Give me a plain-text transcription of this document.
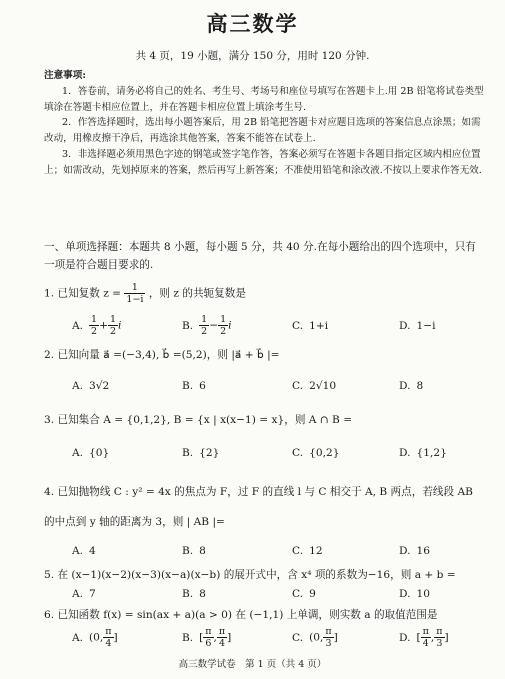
高三数学
共 4 页，19 小题，满分 150 分，用时 120 分钟.
注意事项:

1．答卷前，请务必将自己的姓名、考生号、考场号和座位号填写在答题卡上.用 2B 铅笔将试卷类型填涂在答题卡相应位置上，并在答题卡相应位置上填涂考生号.

2．作答选择题时，选出每小题答案后，用 2B 铅笔把答题卡对应题目选项的答案信息点涂黑；如需改动，用橡皮擦干净后，再选涂其他答案，答案不能答在试卷上.

3．非选择题必须用黑色字迹的钢笔或签字笔作答，答案必须写在答题卡各题目指定区域内相应位置上；如需改动，先划掉原来的答案，然后再写上新答案；不准使用铅笔和涂改液.不按以上要求作答无效.

一、单项选择题：本题共 8 小题，每小题 5 分，共 40 分.在每小题给出的四个选项中，只有一项是符合题目要求的.
1. 已知复数 $z = \frac{1}{1-i}$ ，则 z 的共轭复数是
A. $\frac{1}{2} + \frac{1}{2}$ i	B. $\frac{1}{2} - \frac{1}{2}$ i	C. 1+i	D. 1−i
2. 已知向量 a⃗ =(−3,4), b⃗ =(5,2)，则 |a⃗ + b⃗ |=
A. 3√2	B. 6	C. 2√10	D. 8
3. 已知集合 A = {0,1,2}, B = {x | x(x−1) = x}，则 A ∩ B =
A. {0}	B. {2}	C. {0,2}	D. {1,2}
4. 已知抛物线 C : y² = 4x 的焦点为 F，过 F 的直线 l 与 C 相交于 A, B 两点，若线段 AB
的中点到 y 轴的距离为 3，则 | AB |=
A. 4	B. 8	C. 12	D. 16
5. 在 (x−1)(x−2)(x−3)(x−a)(x−b) 的展开式中，含 x⁴ 项的系数为−16，则 a + b =
A. 7	B. 8	C. 9	D. 10
6. 已知函数 f(x) = sin(ax + a)(a > 0) 在 (−1,1) 上单调，则实数 a 的取值范围是
A. (0, $\frac{\pi}{4}$ ]	B. [ $\frac{\pi}{6}$ , $\frac{\pi}{4}$ ]	C. (0, $\frac{\pi}{3}$ ]	D. [ $\frac{\pi}{4}$ , $\frac{\pi}{3}$ ]
高三数学试卷　第 1 页（共 4 页）
